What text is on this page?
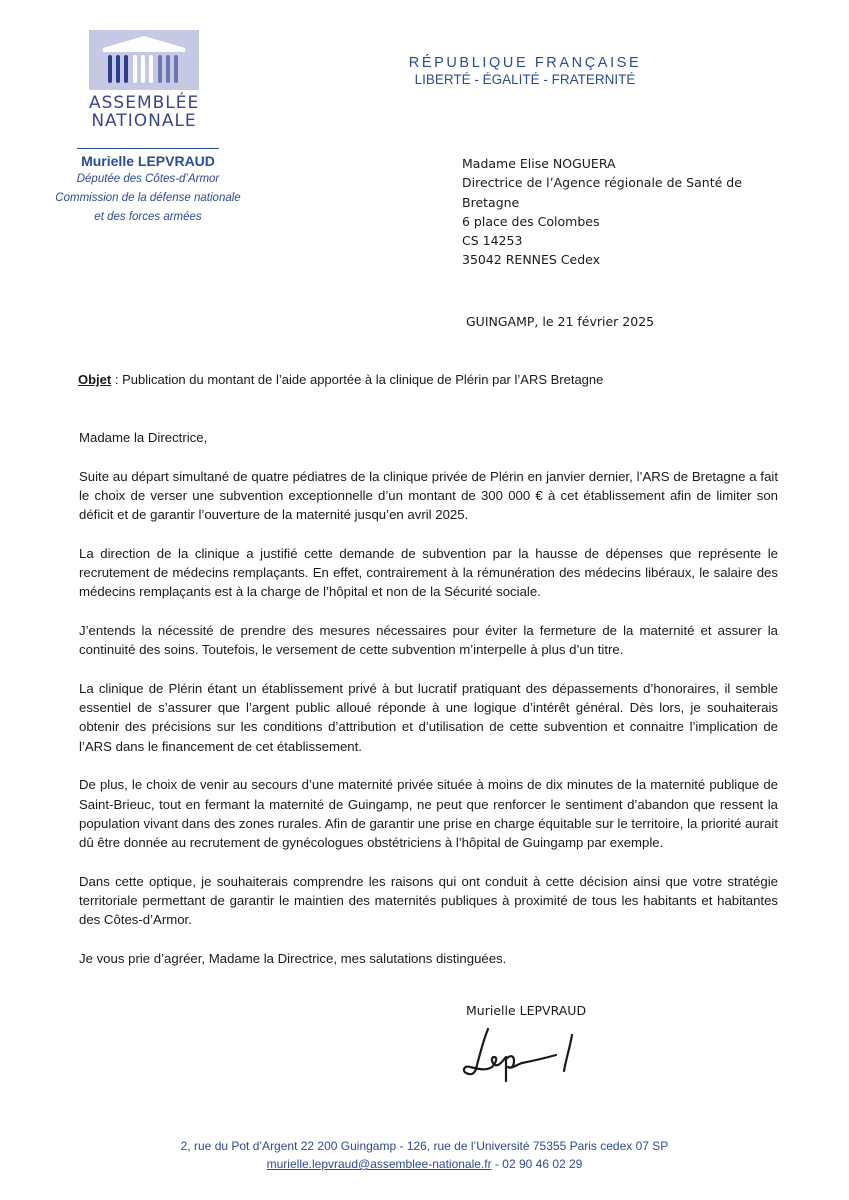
ASSEMBLÉE
NATIONALE
Murielle LEPVRAUD
Députée des Côtes-d’Armor
Commission de la défense nationale
et des forces armées
RÉPUBLIQUE FRANÇAISE
LIBERTÉ - ÉGALITÉ - FRATERNITÉ
Madame Elise NOGUERA
Directrice de l’Agence régionale de Santé de
Bretagne
6 place des Colombes
CS 14253
35042 RENNES Cedex
GUINGAMP, le 21 février 2025
Objet : Publication du montant de l’aide apportée à la clinique de Plérin par l’ARS Bretagne

Madame la Directrice,

Suite au départ simultané de quatre pédiatres de la clinique privée de Plérin en janvier dernier, l’ARS de Bretagne a fait le choix de verser une subvention exceptionnelle d’un montant de 300 000 € à cet établissement afin de limiter son déficit et de garantir l’ouverture de la maternité jusqu’en avril 2025.

La direction de la clinique a justifié cette demande de subvention par la hausse de dépenses que représente le recrutement de médecins remplaçants. En effet, contrairement à la rémunération des médecins libéraux, le salaire des médecins remplaçants est à la charge de l’hôpital et non de la Sécurité sociale.

J’entends la nécessité de prendre des mesures nécessaires pour éviter la fermeture de la maternité et assurer la continuité des soins. Toutefois, le versement de cette subvention m’interpelle à plus d’un titre.

La clinique de Plérin étant un établissement privé à but lucratif pratiquant des dépassements d’honoraires, il semble essentiel de s’assurer que l’argent public alloué réponde à une logique d’intérêt général. Dès lors, je souhaiterais obtenir des précisions sur les conditions d’attribution et d’utilisation de cette subvention et connaitre l’implication de l’ARS dans le financement de cet établissement.

De plus, le choix de venir au secours d’une maternité privée située à moins de dix minutes de la maternité publique de Saint-Brieuc, tout en fermant la maternité de Guingamp, ne peut que renforcer le sentiment d’abandon que ressent la population vivant dans des zones rurales. Afin de garantir une prise en charge équitable sur le territoire, la priorité aurait dû être donnée au recrutement de gynécologues obstétriciens à l’hôpital de Guingamp par exemple.

Dans cette optique, je souhaiterais comprendre les raisons qui ont conduit à cette décision ainsi que votre stratégie territoriale permettant de garantir le maintien des maternités publiques à proximité de tous les habitants et habitantes des Côtes-d’Armor.

Je vous prie d’agréer, Madame la Directrice, mes salutations distinguées.

Murielle LEPVRAUD
2, rue du Pot d’Argent 22 200 Guingamp - 126, rue de l’Université 75355 Paris cedex 07 SP
murielle.lepvraud@assemblee-nationale.fr - 02 90 46 02 29
